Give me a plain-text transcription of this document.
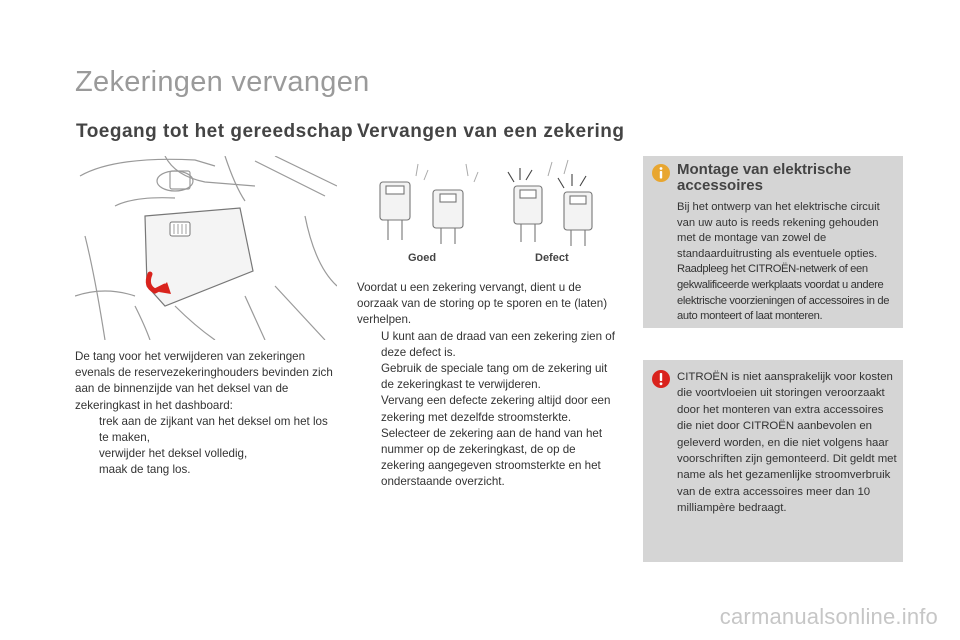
Zekeringen vervangen
Toegang tot het gereedschap Vervangen van een zekering

De tang voor het verwijderen van zekeringen evenals de reservezekeringhouders bevinden zich aan de binnenzijde van het deksel van de zekeringkast in het dashboard:

trek aan de zijkant van het deksel om het los te maken,
verwijder het deksel volledig,
maak de tang los.
Goed	Defect

Voordat u een zekering vervangt, dient u de oorzaak van de storing op te sporen en te (laten) verhelpen.

U kunt aan de draad van een zekering zien of deze defect is.
Gebruik de speciale tang om de zekering uit de zekeringkast te verwijderen.
Vervang een defecte zekering altijd door een zekering met dezelfde stroomsterkte.
Selecteer de zekering aan de hand van het nummer op de zekeringkast, de op de zekering aangegeven stroomsterkte en het onderstaande overzicht.
Montage van elektrische accessoires

Bij het ontwerp van het elektrische circuit van uw auto is reeds rekening gehouden met de montage van zowel de standaarduitrusting als eventuele opties. Raadpleeg het CITROËN-netwerk of een gekwalificeerde werkplaats voordat u andere elektrische voorzieningen of accessoires in de auto monteert of laat monteren.

CITROËN is niet aansprakelijk voor kosten die voortvloeien uit storingen veroorzaakt door het monteren van extra accessoires die niet door CITROËN aanbevolen en geleverd worden, en die niet volgens haar voorschriften zijn gemonteerd. Dit geldt met name als het gezamenlijke stroomverbruik van de extra accessoires meer dan 10 milliampère bedraagt.

carmanualsonline.info
